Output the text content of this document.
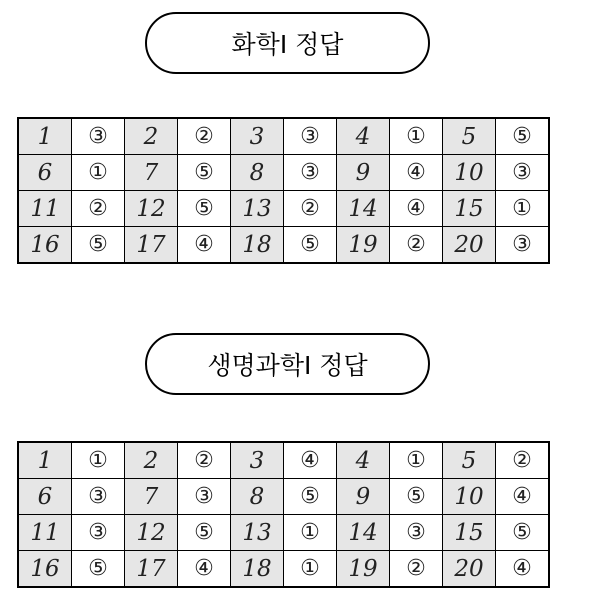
화학Ⅰ 정답
1	③	2	②	3	③	4	①	5	⑤
6	①	7	⑤	8	③	9	④	10	③
11	②	12	⑤	13	②	14	④	15	①
16	⑤	17	④	18	⑤	19	②	20	③
생명과학Ⅰ 정답
1	①	2	②	3	④	4	①	5	②
6	③	7	③	8	⑤	9	⑤	10	④
11	③	12	⑤	13	①	14	③	15	⑤
16	⑤	17	④	18	①	19	②	20	④
